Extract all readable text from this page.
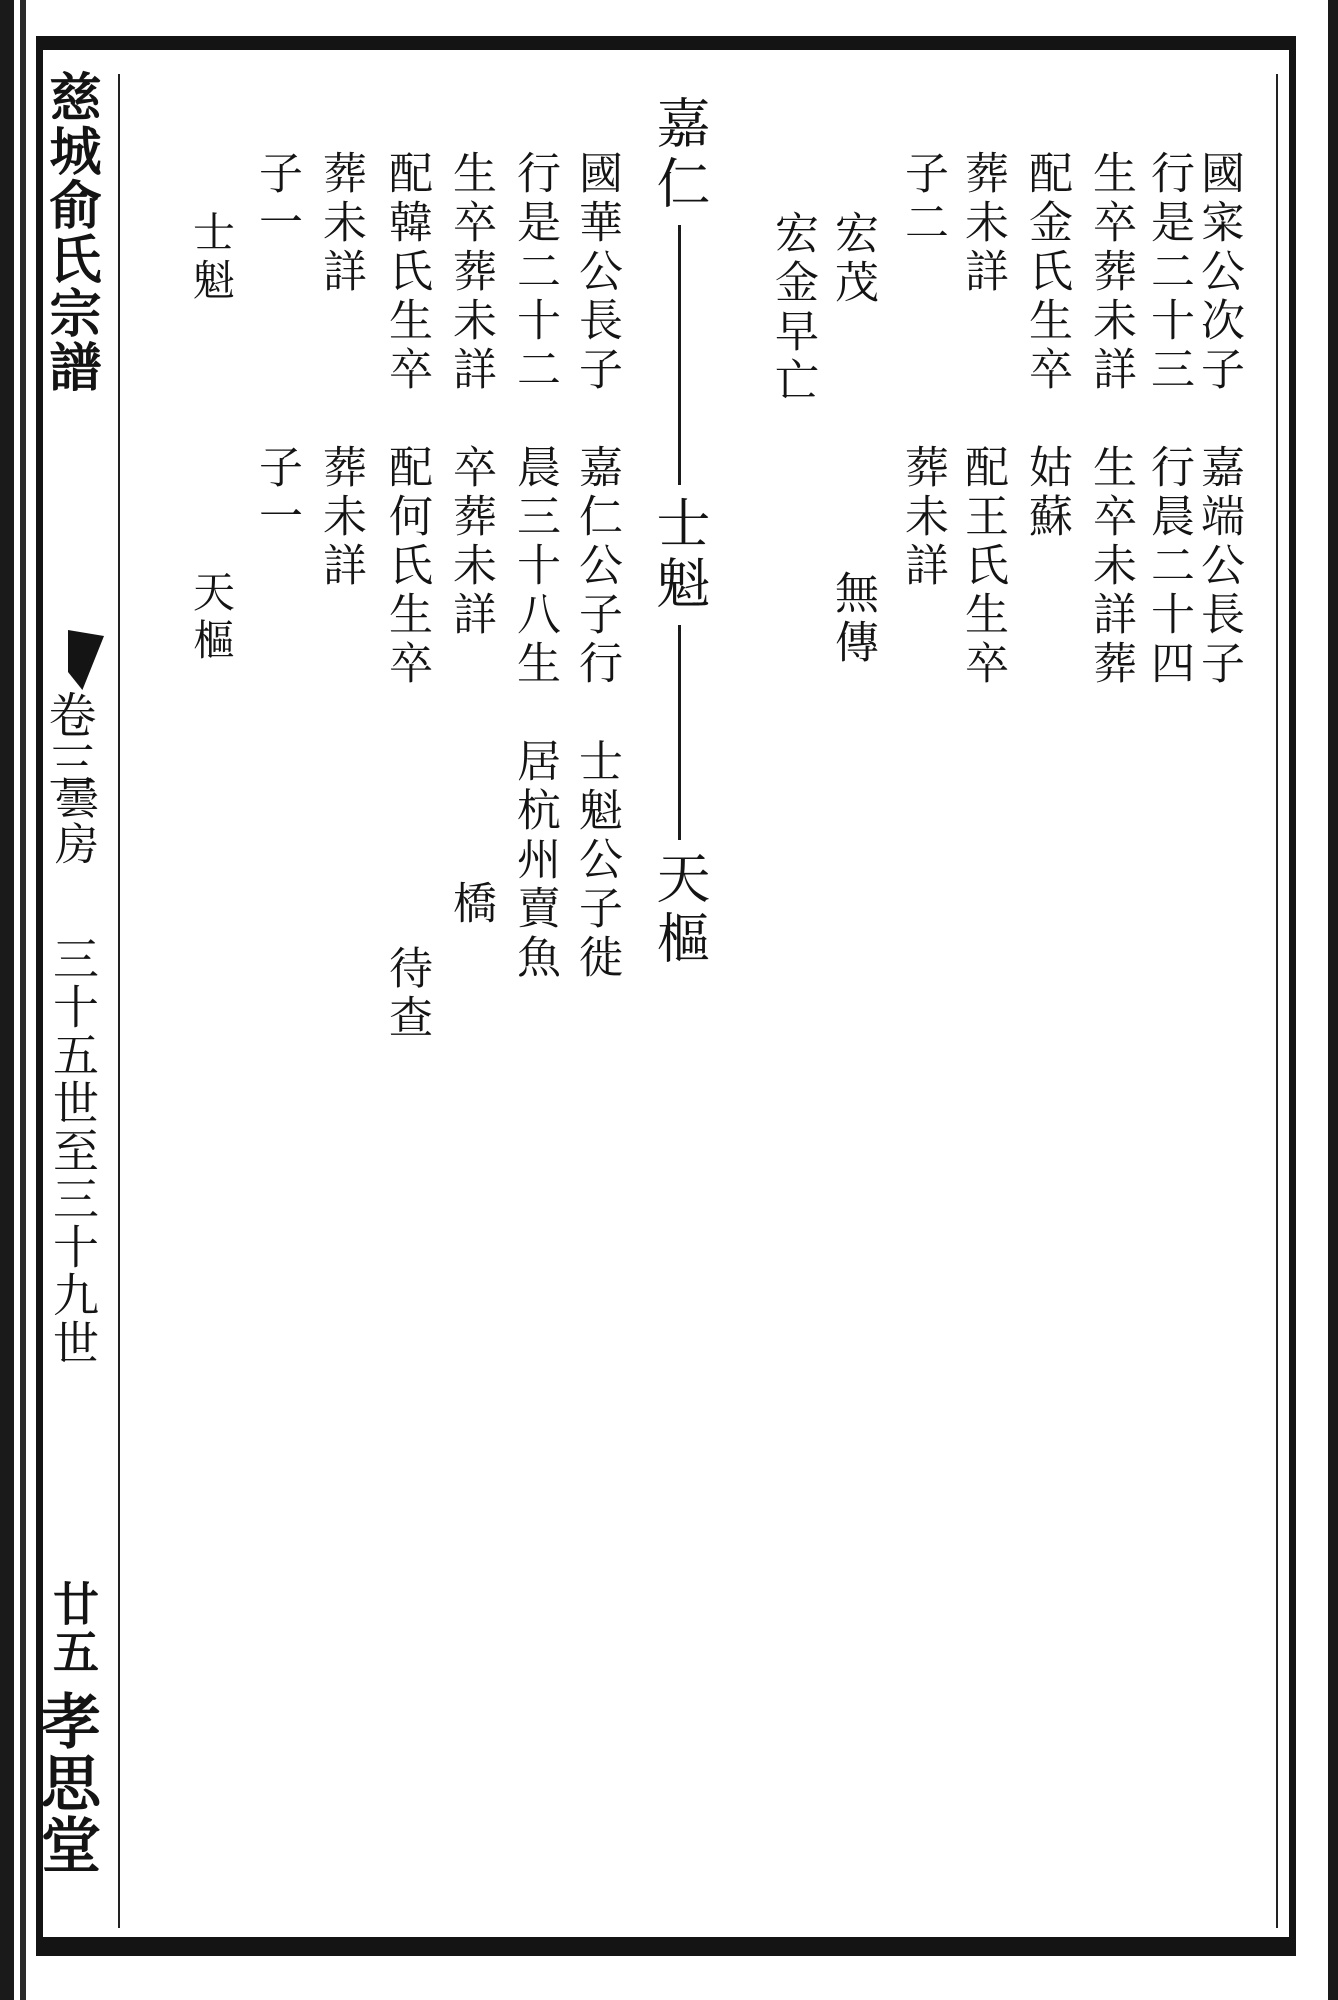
慈城俞氏宗譜
卷三
曇房
三十五世至三十九世
廿五
孝思堂
國寀公次子　嘉端公長子
行是二十三　行晨二十四
生卒葬未詳　生卒未詳葬
配金氏生卒　姑蘇
葬未詳　　　配王氏生卒
子二　　　　葬未詳
宏茂
無傳
宏金早亡
嘉仁
士魁
天樞
國華公長子　嘉仁公子行　士魁公子徙
行是二十二　晨三十八生　居杭州賣魚
生卒葬未詳　卒葬未詳
橋
配韓氏生卒　配何氏生卒
待查
葬未詳　　　葬未詳
子一　　　　子一
士魁
天樞
